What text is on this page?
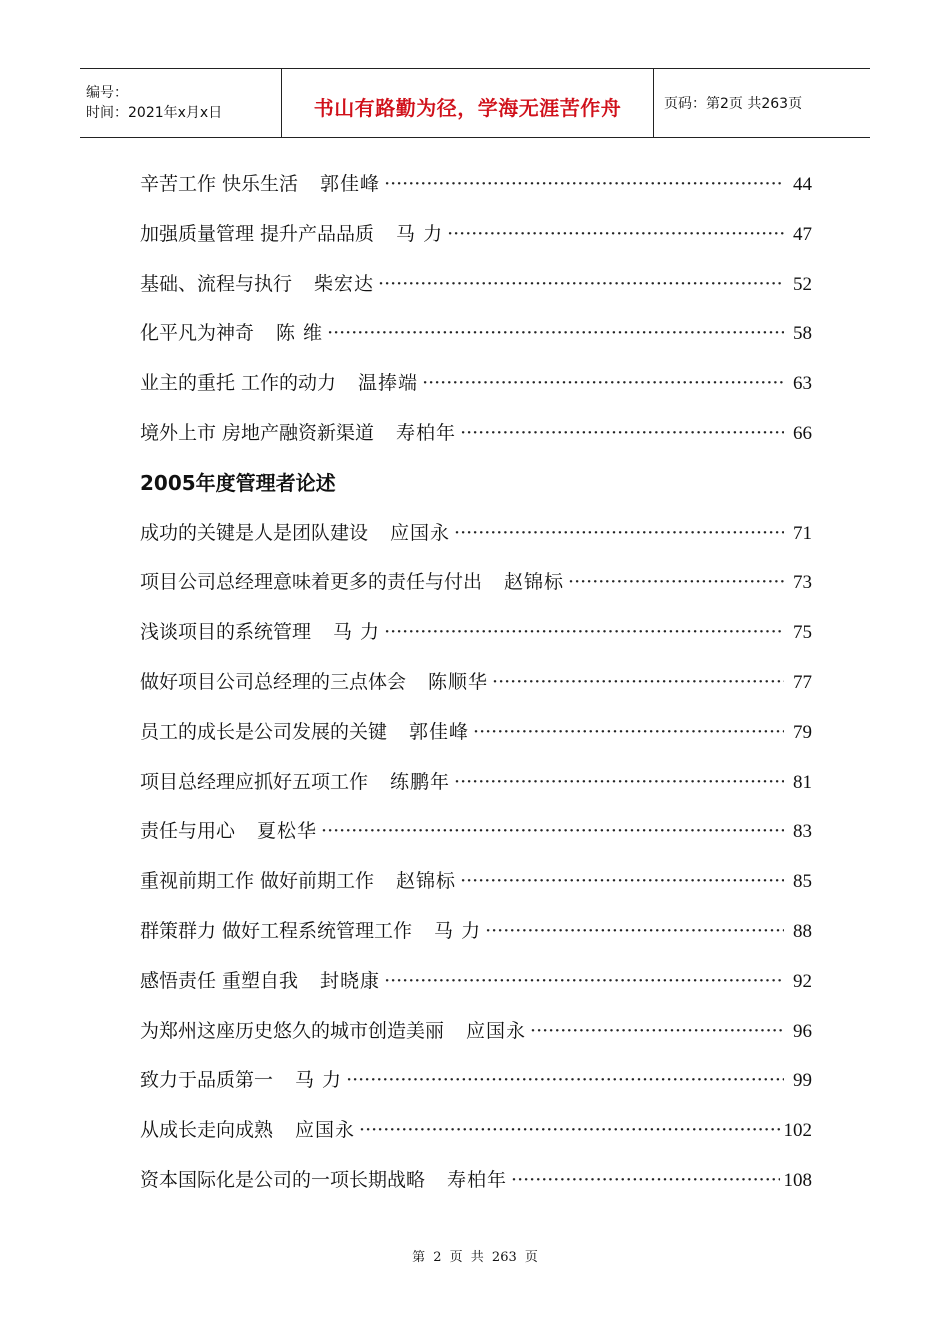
编号：
时间：2021年x月x日	书山有路勤为径，学海无涯苦作舟	页码：第2页 共263页
辛苦工作 快乐生活 郭佳峰 ·····	44
加强质量管理 提升产品品质 马 力 ·····	47
基础、流程与执行 柴宏达 ·····	52
化平凡为神奇 陈 维 ·····	58
业主的重托 工作的动力 温捧端 ·····	63
境外上市 房地产融资新渠道 寿柏年 ·····	66
2005年度管理者论述
成功的关键是人是团队建设 应国永 ·····	71
项目公司总经理意味着更多的责任与付出 赵锦标 ·····	73
浅谈项目的系统管理 马 力 ·····	75
做好项目公司总经理的三点体会 陈顺华 ·····	77
员工的成长是公司发展的关键 郭佳峰 ·····	79
项目总经理应抓好五项工作 练鹏年 ·····	81
责任与用心 夏松华 ·····	83
重视前期工作 做好前期工作 赵锦标 ·····	85
群策群力 做好工程系统管理工作 马 力 ·····	88
感悟责任 重塑自我 封晓康 ·····	92
为郑州这座历史悠久的城市创造美丽 应国永 ·····	96
致力于品质第一 马 力 ·····	99
从成长走向成熟 应国永 ·····	102
资本国际化是公司的一项长期战略 寿柏年 ·····	108
第 2 页 共 263 页
